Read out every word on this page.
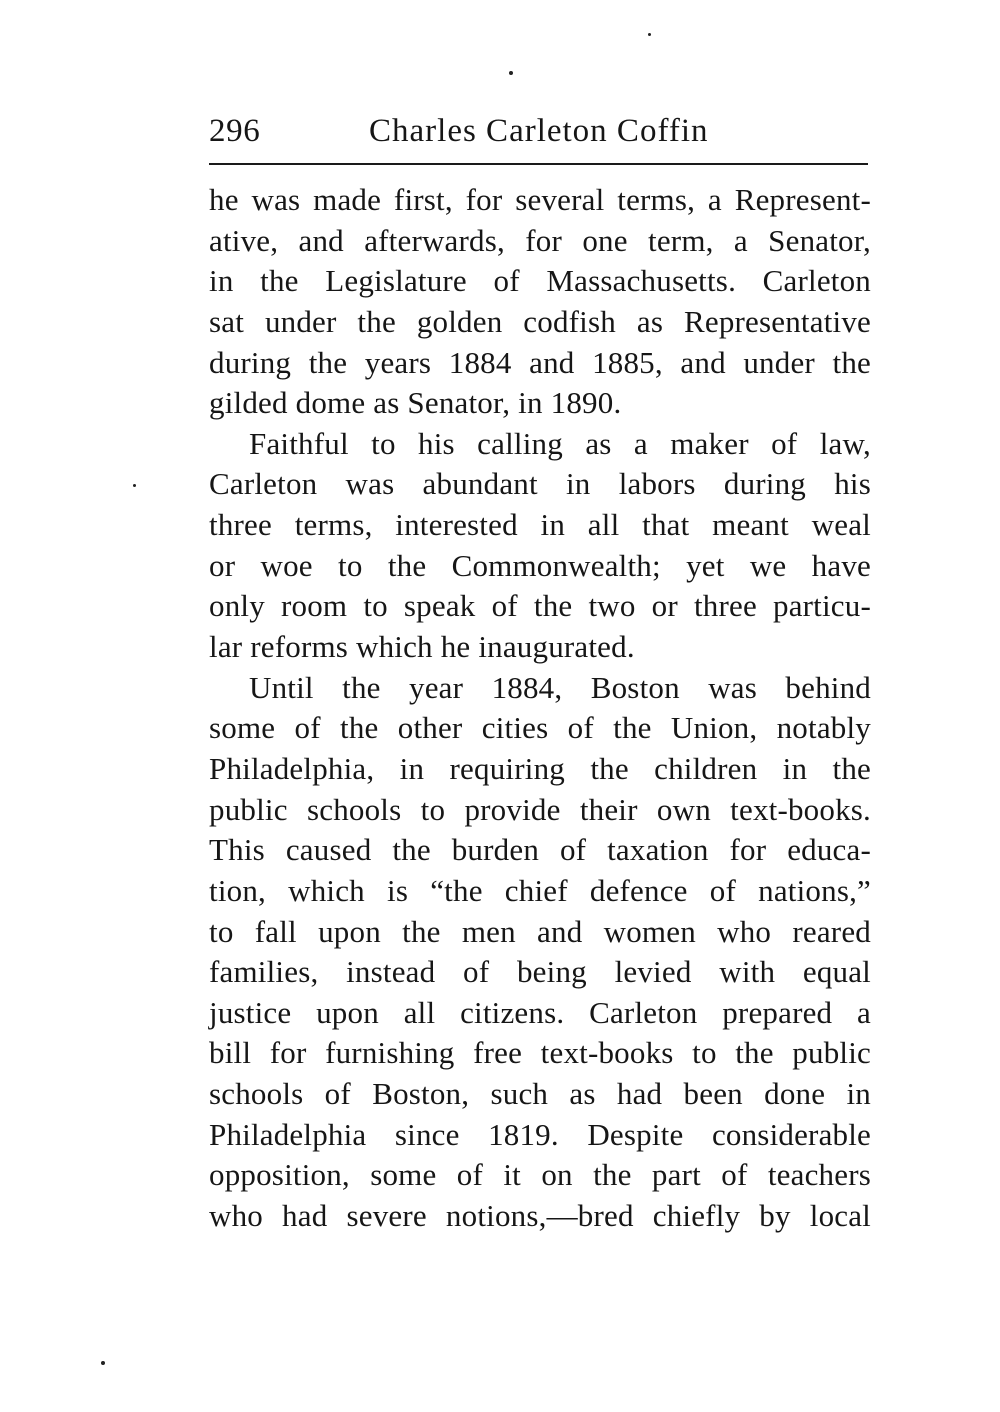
296	Charles Carleton Coffin
he was made first, for several terms, a Represent-
ative, and afterwards, for one term, a Senator,
in the Legislature of Massachusetts. Carleton
sat under the golden codfish as Representative
during the years 1884 and 1885, and under the
gilded dome as Senator, in 1890.
Faithful to his calling as a maker of law,
Carleton was abundant in labors during his
three terms, interested in all that meant weal
or woe to the Commonwealth; yet we have
only room to speak of the two or three particu-
lar reforms which he inaugurated.
Until the year 1884, Boston was behind
some of the other cities of the Union, notably
Philadelphia, in requiring the children in the
public schools to provide their own text-books.
This caused the burden of taxation for educa-
tion, which is “the chief defence of nations,”
to fall upon the men and women who reared
families, instead of being levied with equal
justice upon all citizens. Carleton prepared a
bill for furnishing free text-books to the public
schools of Boston, such as had been done in
Philadelphia since 1819. Despite considerable
opposition, some of it on the part of teachers
who had severe notions,—bred chiefly by local
